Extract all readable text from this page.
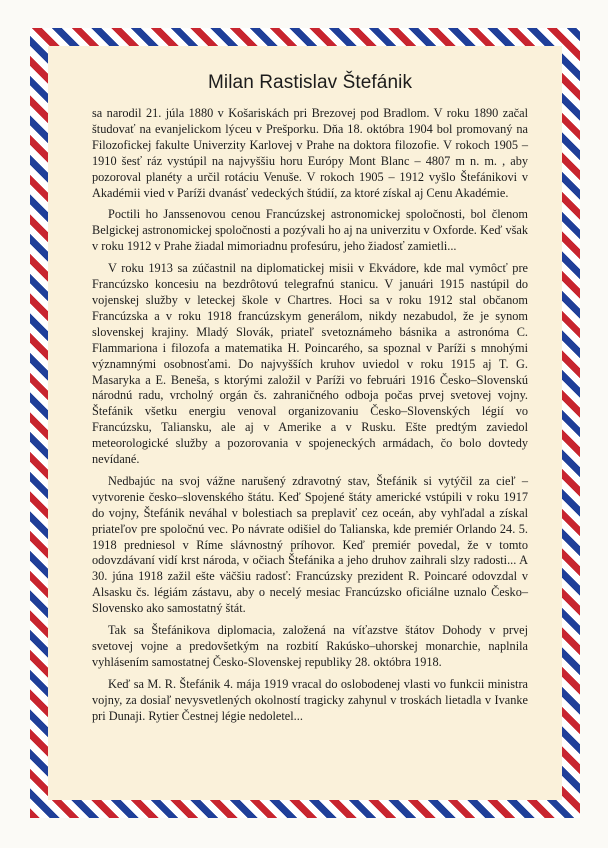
Milan Rastislav Štefánik

sa narodil 21. júla 1880 v Košariskách pri Brezovej pod Bradlom. V roku 1890 začal študovať na evanjelickom lýceu v Prešporku. Dňa 18. októbra 1904 bol promovaný na Filozofickej fakulte Univerzity Karlovej v Prahe na doktora filozofie. V rokoch 1905 – 1910 šesť ráz vystúpil na najvyššiu horu Európy Mont Blanc – 4807 m n. m. , aby pozoroval planéty a určil rotáciu Venuše. V rokoch 1905 – 1912 vyšlo Štefánikovi v Akadémii vied v Paríži dvanásť vedeckých štúdií, za ktoré získal aj Cenu Akadémie.

Poctili ho Janssenovou cenou Francúzskej astronomickej spoločnosti, bol členom Belgickej astronomickej spoločnosti a pozývali ho aj na univerzitu v Oxforde. Keď však v roku 1912 v Prahe žiadal mimoriadnu profesúru, jeho žiadosť zamietli...

V roku 1913 sa zúčastnil na diplomatickej misii v Ekvádore, kde mal vymôcť pre Francúzsko koncesiu na bezdrôtovú telegrafnú stanicu. V januári 1915 nastúpil do vojenskej služby v leteckej škole v Chartres. Hoci sa v roku 1912 stal občanom Francúzska a v roku 1918 francúzskym generálom, nikdy nezabudol, že je synom slovenskej krajiny. Mladý Slovák, priateľ svetoznámeho básnika a astronóma C. Flammariona i filozofa a matematika H. Poincarého, sa spoznal v Paríži s mnohými významnými osobnosťami. Do najvyšších kruhov uviedol v roku 1915 aj T. G. Masaryka a E. Beneša, s ktorými založil v Paríži vo februári 1916 Česko–Slovenskú národnú radu, vrcholný orgán čs. zahraničného odboja počas prvej svetovej vojny. Štefánik všetku energiu venoval organizovaniu Česko–Slovenských légií vo Francúzsku, Taliansku, ale aj v Amerike a v Rusku. Ešte predtým zaviedol meteorologické služby a pozorovania v spojeneckých armádach, čo bolo dovtedy nevídané.

Nedbajúc na svoj vážne narušený zdravotný stav, Štefánik si vytýčil za cieľ – vytvorenie česko–slovenského štátu. Keď Spojené štáty americké vstúpili v roku 1917 do vojny, Štefánik neváhal v bolestiach sa preplaviť cez oceán, aby vyhľadal a získal priateľov pre spoločnú vec. Po návrate odišiel do Talianska, kde premiér Orlando 24. 5. 1918 predniesol v Ríme slávnostný príhovor. Keď premiér povedal, že v tomto odovzdávaní vidí krst národa, v očiach Štefánika a jeho druhov zaihrali slzy radosti... A 30. júna 1918 zažil ešte väčšiu radosť: Francúzsky prezident R. Poincaré odovzdal v Alsasku čs. légiám zástavu, aby o necelý mesiac Francúzsko oficiálne uznalo Česko–Slovensko ako samostatný štát.

Tak sa Štefánikova diplomacia, založená na víťazstve štátov Dohody v prvej svetovej vojne a predovšetkým na rozbití Rakúsko–uhorskej monarchie, naplnila vyhlásením samostatnej Česko-Slovenskej republiky 28. októbra 1918.

Keď sa M. R. Štefánik 4. mája 1919 vracal do oslobodenej vlasti vo funkcii ministra vojny, za dosiaľ nevysvetlených okolností tragicky zahynul v troskách lietadla v Ivanke pri Dunaji. Rytier Čestnej légie nedoletel...
